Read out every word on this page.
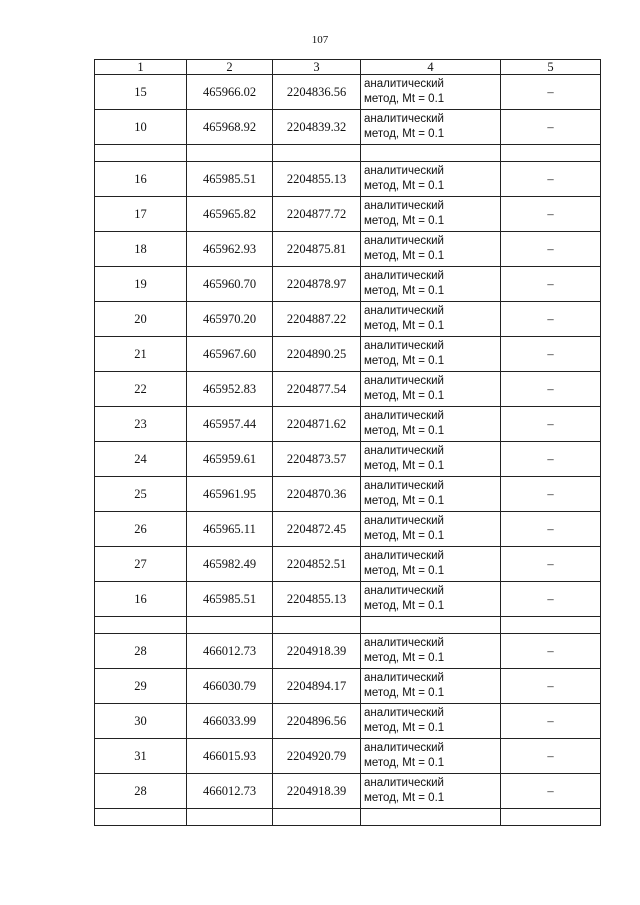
107
1	2	3	4	5
15	465966.02	2204836.56	аналитический
метод, Mt = 0.1	–
10	465968.92	2204839.32	аналитический
метод, Mt = 0.1	–

16	465985.51	2204855.13	аналитический
метод, Mt = 0.1	–
17	465965.82	2204877.72	аналитический
метод, Mt = 0.1	–
18	465962.93	2204875.81	аналитический
метод, Mt = 0.1	–
19	465960.70	2204878.97	аналитический
метод, Mt = 0.1	–
20	465970.20	2204887.22	аналитический
метод, Mt = 0.1	–
21	465967.60	2204890.25	аналитический
метод, Mt = 0.1	–
22	465952.83	2204877.54	аналитический
метод, Mt = 0.1	–
23	465957.44	2204871.62	аналитический
метод, Mt = 0.1	–
24	465959.61	2204873.57	аналитический
метод, Mt = 0.1	–
25	465961.95	2204870.36	аналитический
метод, Mt = 0.1	–
26	465965.11	2204872.45	аналитический
метод, Mt = 0.1	–
27	465982.49	2204852.51	аналитический
метод, Mt = 0.1	–
16	465985.51	2204855.13	аналитический
метод, Mt = 0.1	–

28	466012.73	2204918.39	аналитический
метод, Mt = 0.1	–
29	466030.79	2204894.17	аналитический
метод, Mt = 0.1	–
30	466033.99	2204896.56	аналитический
метод, Mt = 0.1	–
31	466015.93	2204920.79	аналитический
метод, Mt = 0.1	–
28	466012.73	2204918.39	аналитический
метод, Mt = 0.1	–
